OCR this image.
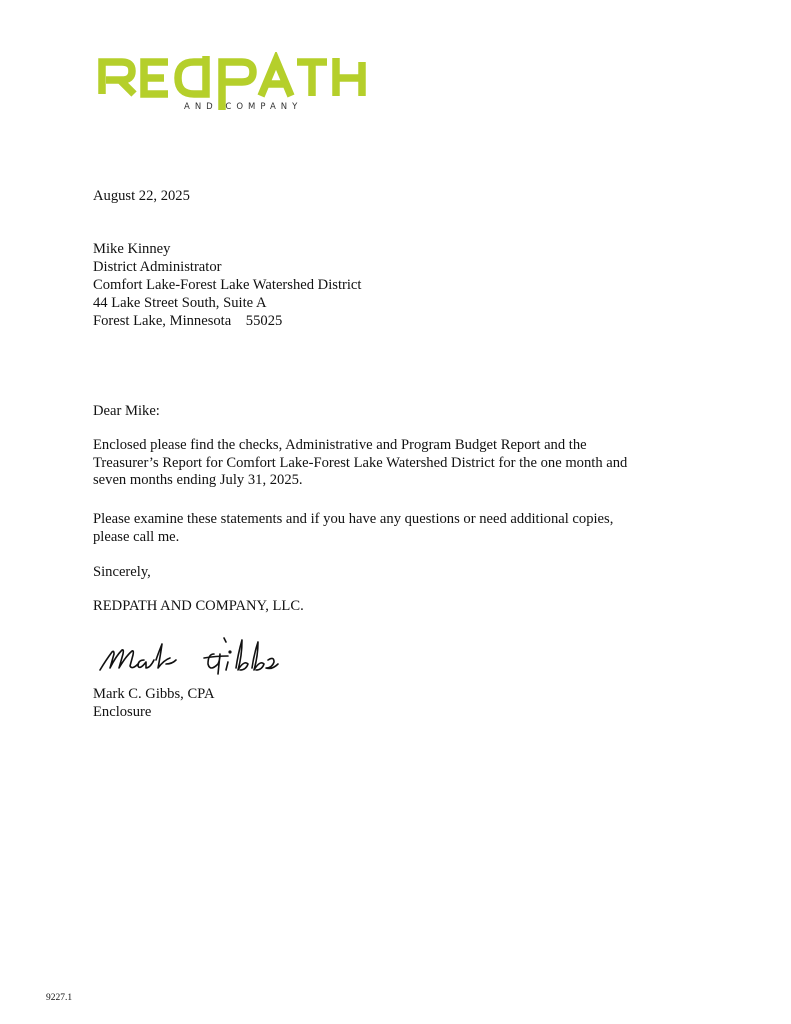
AND COMPANY
August 22, 2025
Mike Kinney
District Administrator
Comfort Lake-Forest Lake Watershed District
44 Lake Street South, Suite A
Forest Lake, Minnesota    55025
Dear Mike:
Enclosed please find the checks, Administrative and Program Budget Report and the
Treasurer’s Report for Comfort Lake-Forest Lake Watershed District for the one month and
seven months ending July 31, 2025.
Please examine these statements and if you have any questions or need additional copies,
please call me.
Sincerely,
REDPATH AND COMPANY, LLC.
Mark C. Gibbs, CPA
Enclosure
9227.1
